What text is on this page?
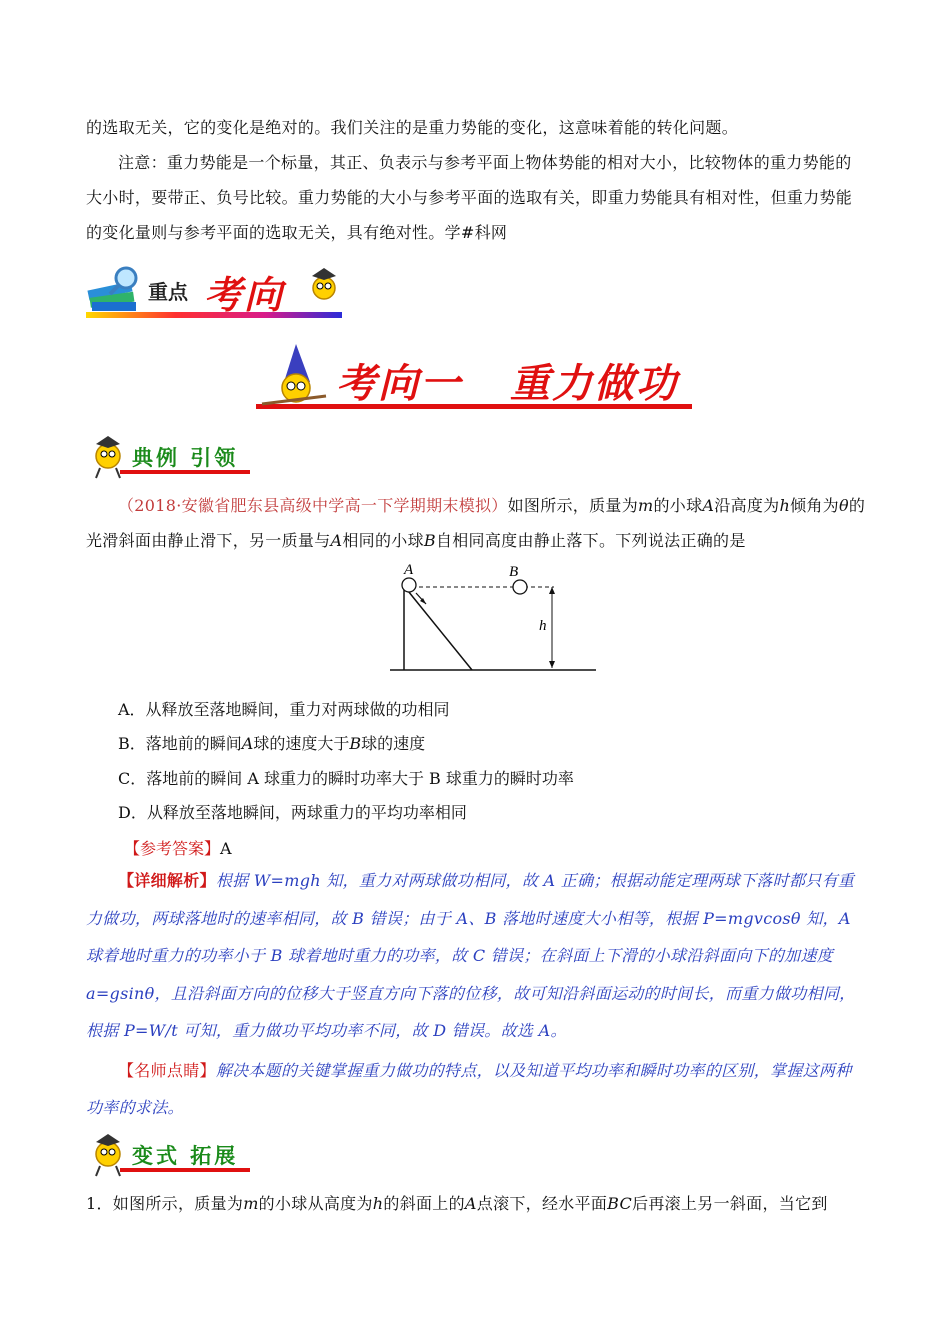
的选取无关，它的变化是绝对的。我们关注的是重力势能的变化，这意味着能的转化问题。
注意：重力势能是一个标量，其正、负表示与参考平面上物体势能的相对大小，比较物体的重力势能的大小时，要带正、负号比较。重力势能的大小与参考平面的选取有关，即重力势能具有相对性，但重力势能的变化量则与参考平面的选取无关，具有绝对性。学#科网
重点 考向
考向一 重力做功
典例 引领
（2018·安徽省肥东县高级中学高一下学期期末模拟）如图所示，质量为m的小球A沿高度为h倾角为θ的光滑斜面由静止滑下，另一质量与A相同的小球B自相同高度由静止落下。下列说法正确的是
A	B
h
A．从释放至落地瞬间，重力对两球做的功相同
B．落地前的瞬间A球的速度大于B球的速度
C．落地前的瞬间 A 球重力的瞬时功率大于 B 球重力的瞬时功率
D．从释放至落地瞬间，两球重力的平均功率相同
【参考答案】A
【详细解析】根据 W=mgh 知，重力对两球做功相同，故 A 正确；根据动能定理两球下落时都只有重力做功，两球落地时的速率相同，故 B 错误；由于 A、B 落地时速度大小相等，根据 P=mgvcosθ 知，A 球着地时重力的功率小于 B 球着地时重力的功率，故 C 错误；在斜面上下滑的小球沿斜面向下的加速度 a=gsinθ，且沿斜面方向的位移大于竖直方向下落的位移，故可知沿斜面运动的时间长，而重力做功相同，根据 P=W/t 可知，重力做功平均功率不同，故 D 错误。故选 A。
【名师点睛】解决本题的关键掌握重力做功的特点，以及知道平均功率和瞬时功率的区别，掌握这两种功率的求法。
变式 拓展
1．如图所示，质量为m的小球从高度为h的斜面上的A点滚下，经水平面BC后再滚上另一斜面，当它到
